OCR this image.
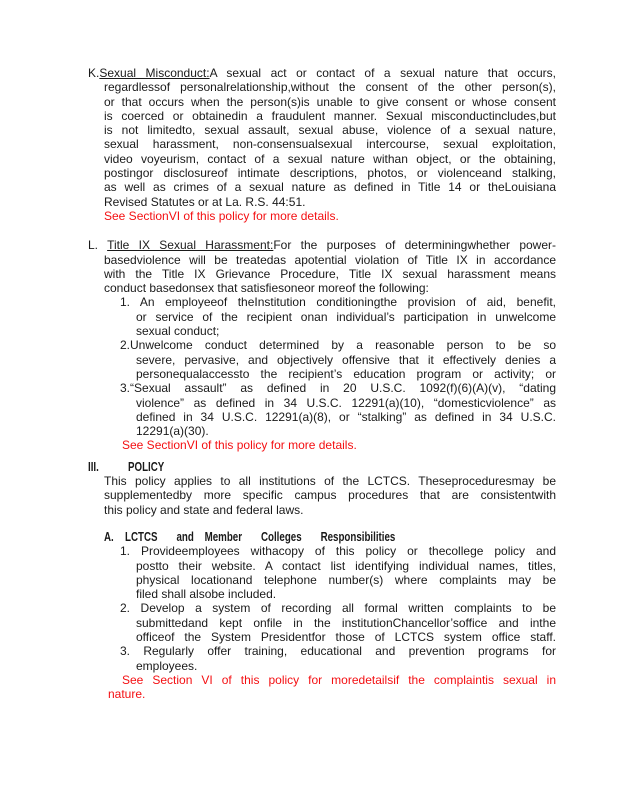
K.Sexual Misconduct:A sexual act or contact of a sexual nature that occurs,
regardlessof personalrelationship,without the consent of the other person(s),
or that occurs when the person(s)is unable to give consent or whose consent
is coerced or obtainedin a fraudulent manner. Sexual misconductincludes,but
is not limitedto, sexual assault, sexual abuse, violence of a sexual nature,
sexual harassment, non-consensualsexual intercourse, sexual exploitation,
video voyeurism, contact of a sexual nature withan object, or the obtaining,
postingor disclosureof intimate descriptions, photos, or violenceand stalking,
as well as crimes of a sexual nature as defined in Title 14 or theLouisiana
Revised Statutes or at La. R.S. 44:51.
See SectionVI of this policy for more details.
L. Title IX Sexual Harassment:For the purposes of determiningwhether power-
basedviolence will be treatedas apotential violation of Title IX in accordance
with the Title IX Grievance Procedure, Title IX sexual harassment means
conduct basedonsex that satisfiesoneor moreof the following:
1. An employeeof theInstitution conditioningthe provision of aid, benefit,
or service of the recipient onan individual’s participation in unwelcome
sexual conduct;
2.Unwelcome conduct determined by a reasonable person to be so
severe, pervasive, and objectively offensive that it effectively denies a
personequalaccessto the recipient’s education program or activity; or
3.“Sexual assault” as defined in 20 U.S.C. 1092(f)(6)(A)(v), “dating
violence” as defined in 34 U.S.C. 12291(a)(10), “domesticviolence” as
defined in 34 U.S.C. 12291(a)(8), or “stalking” as defined in 34 U.S.C.
12291(a)(30).
See SectionVI of this policy for more details.
III.	POLICY
This policy applies to all institutions of the LCTCS. Theseproceduresmay be
supplementedby more specific campus procedures that are consistentwith
this policy and state and federal laws.
A. LCTCS       and    Member       Colleges       Responsibilities
1. Provideemployees withacopy of this policy or thecollege policy and
postto their website. A contact list identifying individual names, titles,
physical locationand telephone number(s) where complaints may be
filed shall alsobe included.
2. Develop a system of recording all formal written complaints to be
submittedand kept onfile in the institutionChancellor’soffice and inthe
officeof the System Presidentfor those of LCTCS system office staff.
3. Regularly offer training, educational and prevention programs for
employees.
See Section VI of this policy for moredetailsif the complaintis sexual in
nature.
